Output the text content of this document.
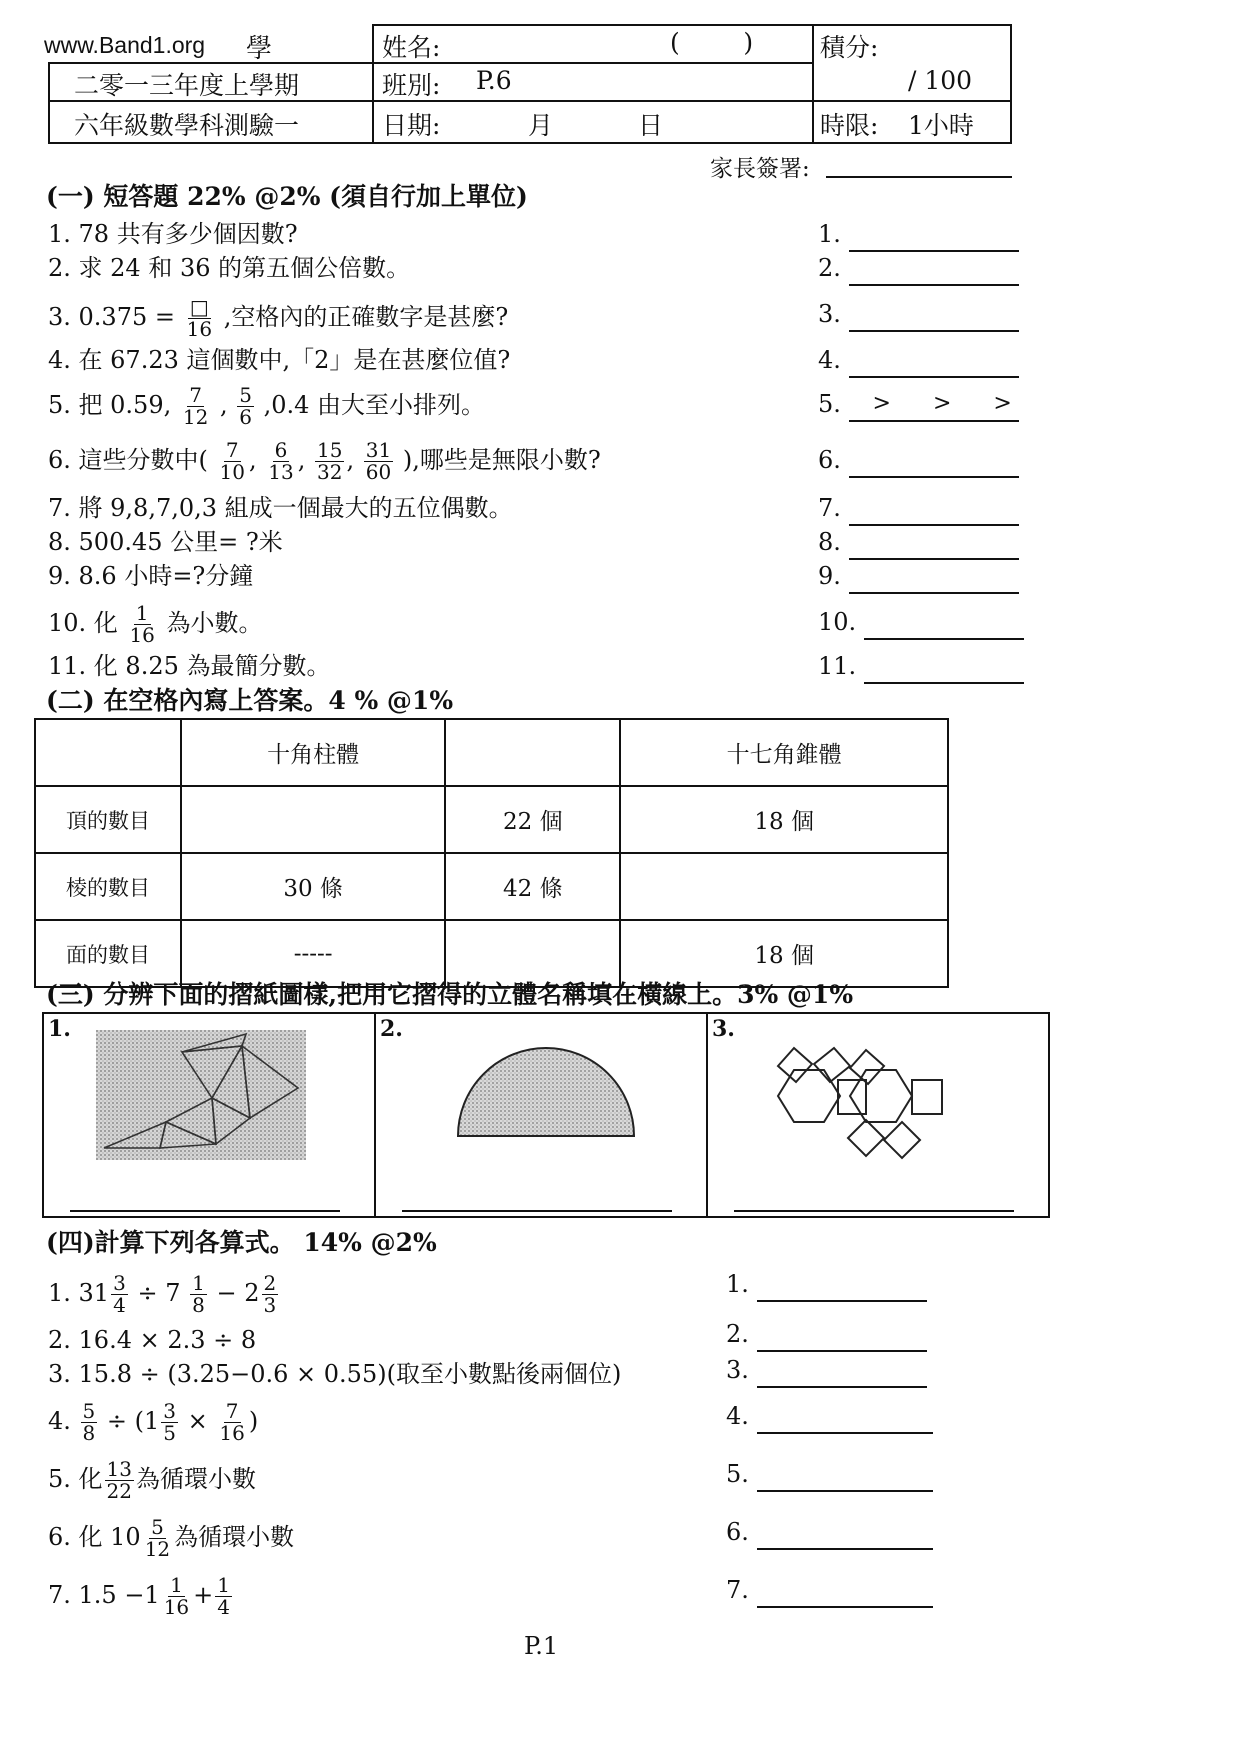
www.Band1.org 學
二零一三年度上學期
六年級數學科測驗一
姓名:
班別: P.6
日期:	月	日
(        )	積分:
/ 100
時限: 1小時
家長簽署:
(一) 短答題 22% @2% (須自行加上單位)
1. 78 共有多少個因數?
2. 求 24 和 36 的第五個公倍數。
3. $0.375 = \frac{□}{16}$ ,空格內的正確數字是甚麼?
4. 在 67.23 這個數中,「2」是在甚麼位值?
5. 把 0.59, $\frac{7}{12}$ , $\frac{5}{6} ,0.4$ 由大至小排列。
6. 這些分數中( $\frac{7}{10}$ , $\frac{6}{13}$ , $\frac{15}{32}$ , $\frac{31}{60}$ ),哪些是無限小數?
7. 將 9,8,7,0,3 組成一個最大的五位偶數。
8. 500.45 公里= ?米
9. 8.6 小時=?分鐘
10. 化 $\frac{1}{16}$ 為小數。
11. 化 8.25 為最簡分數。
1.
2.
3.
4.
5. >      >      >
6.
7.
8.
9.
10.
11.
(二) 在空格內寫上答案。4 % @1%
	十角柱體		十七角錐體
頂的數目		22 個	18 個
棱的數目	30 條	42 條	
面的數目	-----		18 個
(三) 分辨下面的摺紙圖樣,把用它摺得的立體名稱填在橫線上。3% @1%
1.	2.	3.
(四)計算下列各算式。 14% @2%
1. $31 \frac{3}{4} \div 7 \frac{1}{8} - 2 \frac{2}{3}$
2. 16.4 × 2.3 ÷ 8
3. 15.8 ÷ (3.25−0.6 × 0.55)(取至小數點後兩個位)
4. $\frac{5}{8} \div (1 \frac{3}{5} \times \frac{7}{16}$ )
5. 化 $\frac{13}{22}$ 為循環小數
6. 化 $10 \frac{5}{12}$ 為循環小數
7. $1.5 -1 \frac{1}{16} + \frac{1}{4}$
1.
2.
3.
4.
5.
6.
7.
P.1
